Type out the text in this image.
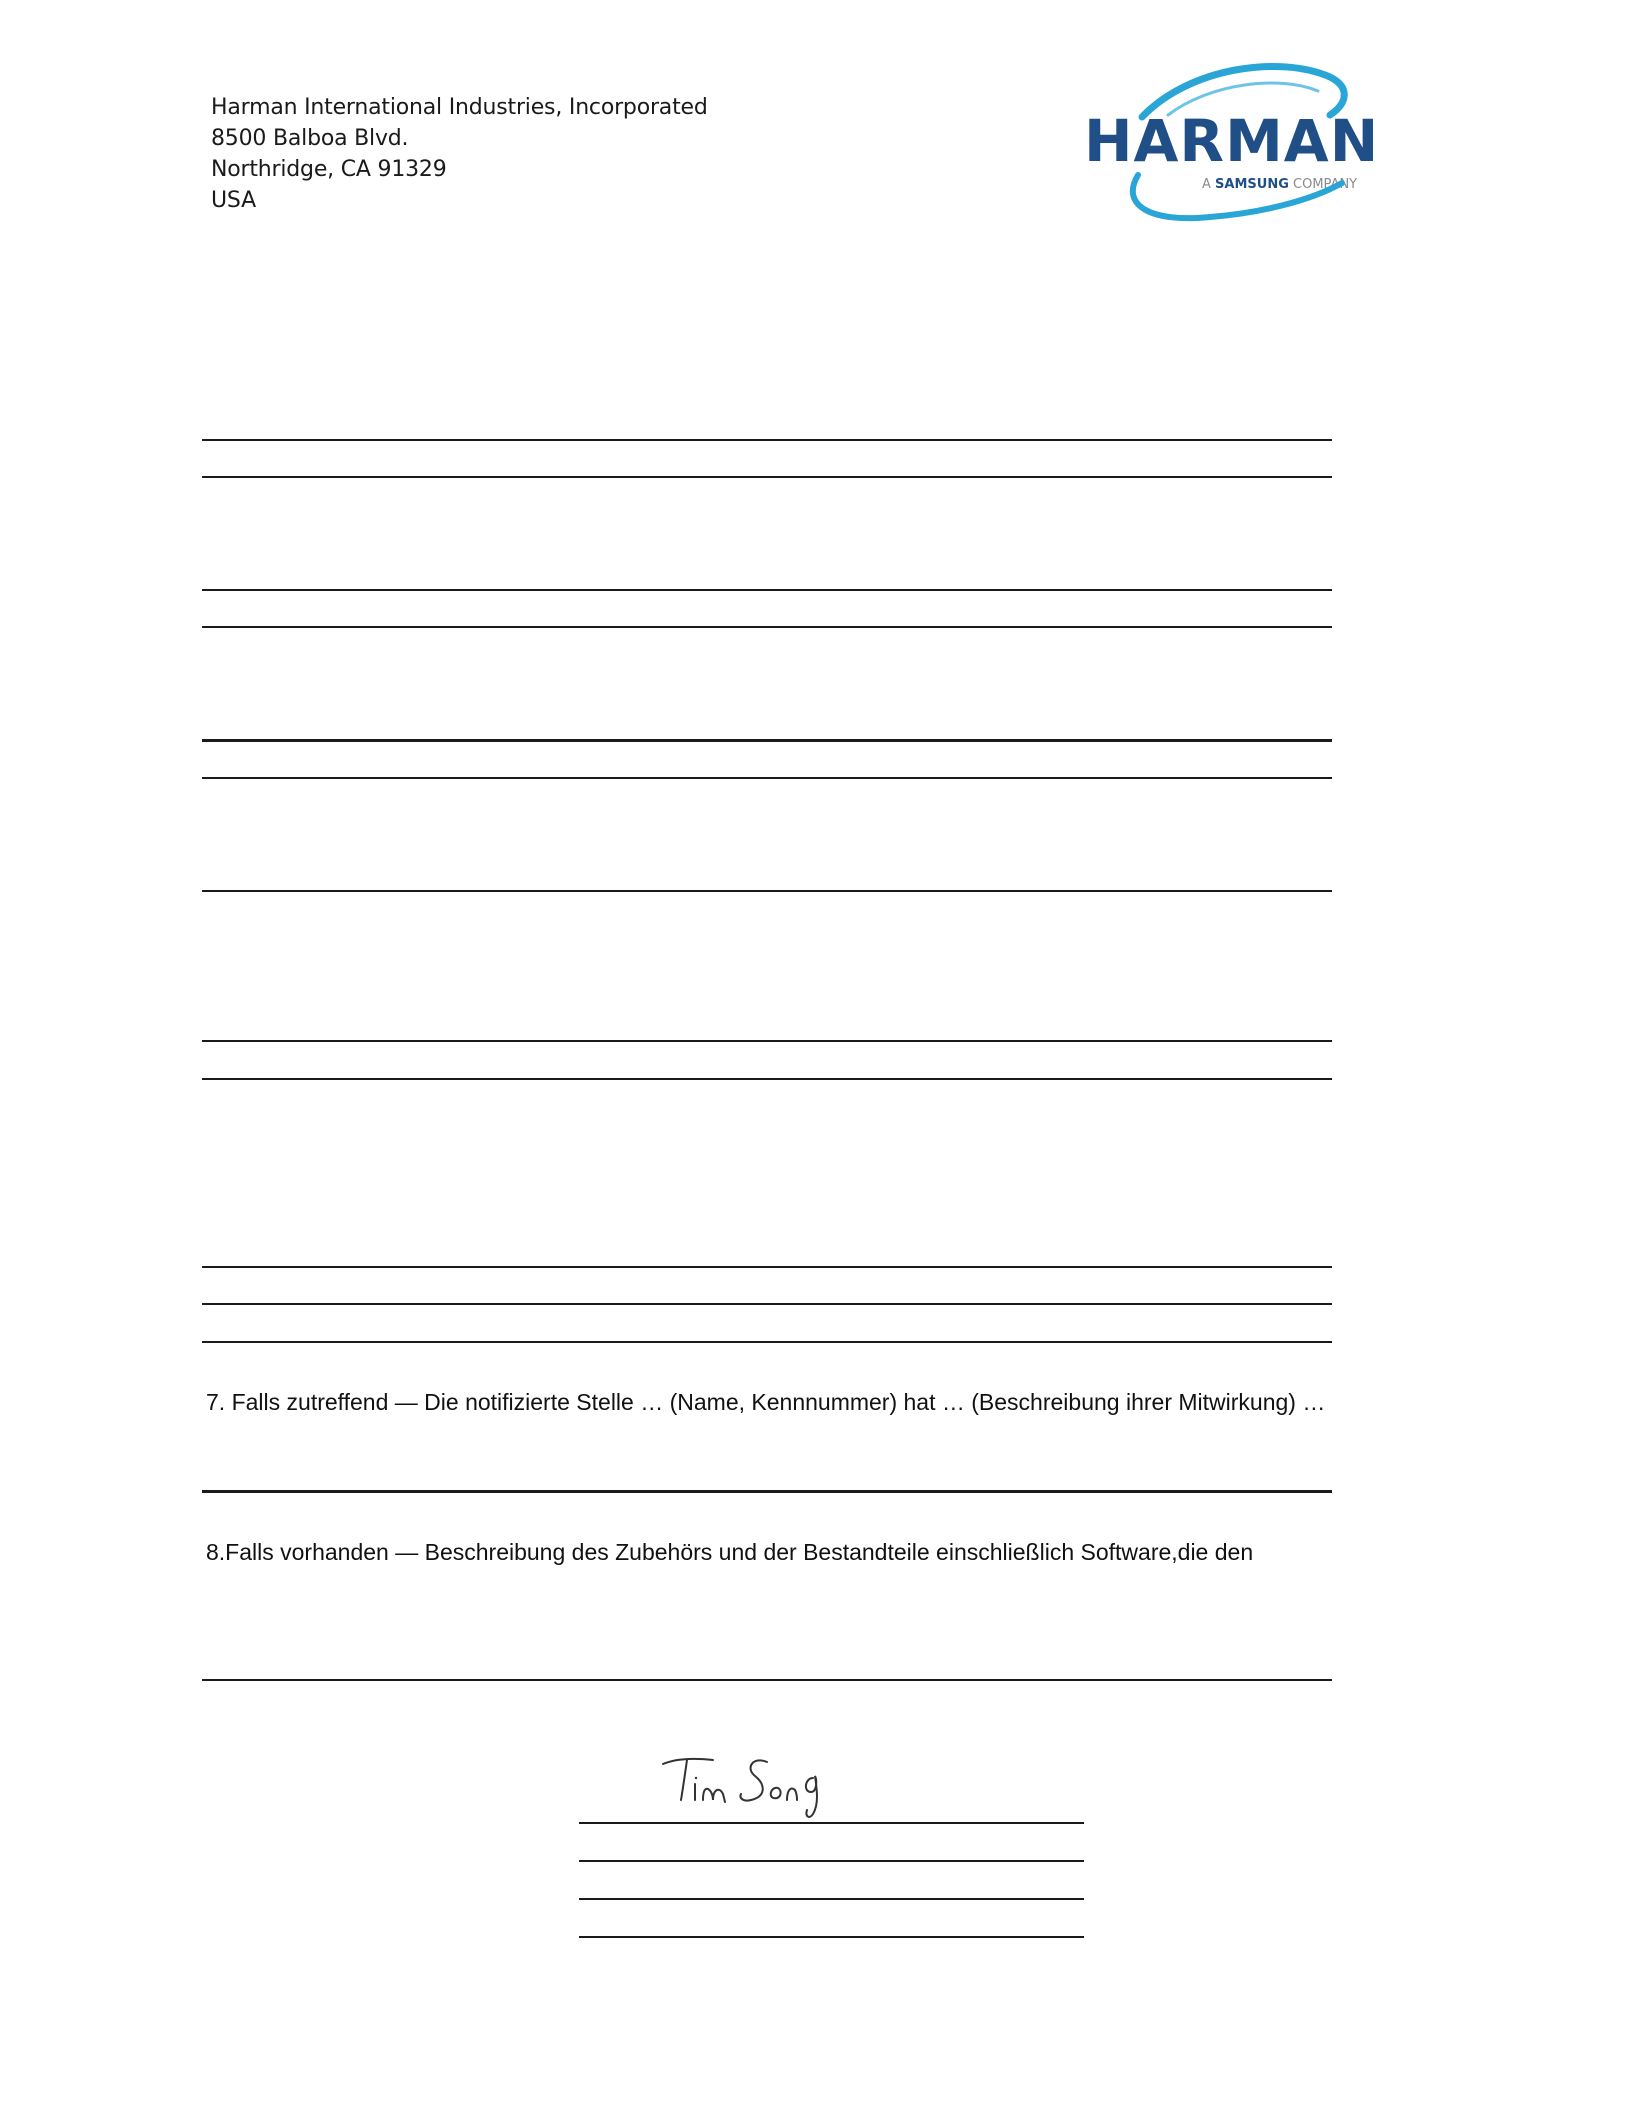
Harman International Industries, Incorporated
8500 Balboa Blvd.
Northridge, CA 91329
USA
HARMAN
A SAMSUNG COMPANY
7. Falls zutreffend — Die notifizierte Stelle … (Name, Kennnummer) hat … (Beschreibung ihrer Mitwirkung) …
8.Falls vorhanden — Beschreibung des Zubehörs und der Bestandteile einschließlich Software,die den
